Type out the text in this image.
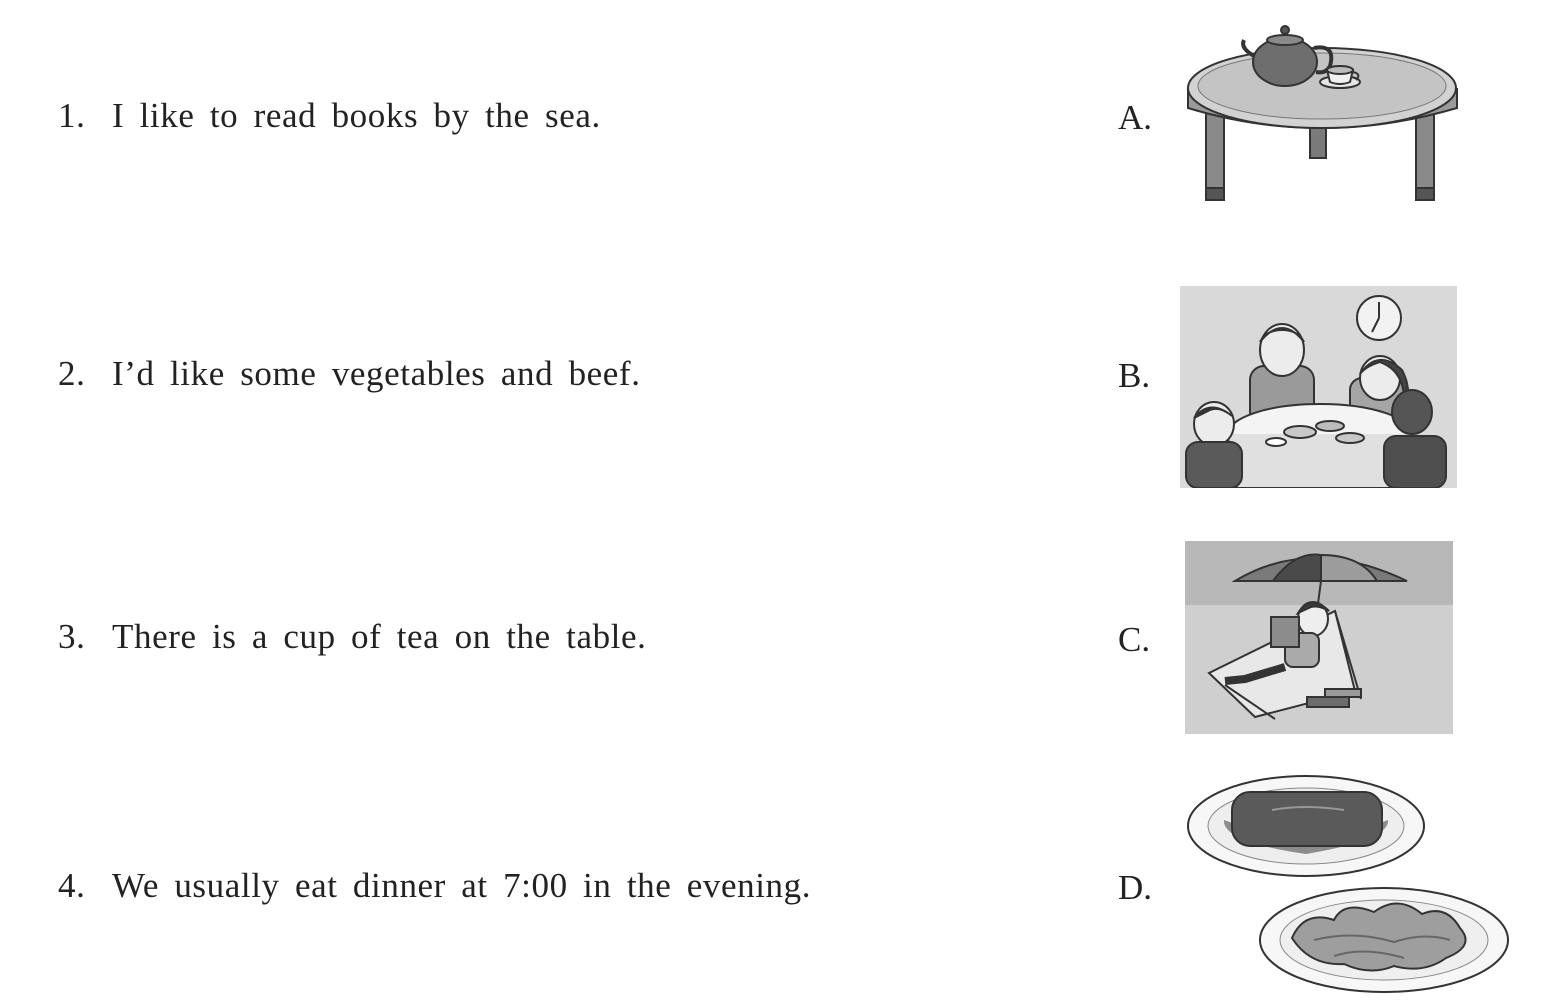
1. I like to read books by the sea.
2. I’d like some vegetables and beef.
3. There is a cup of tea on the table.
4. We usually eat dinner at 7:00 in the evening.
A.
B.
C.
D.
